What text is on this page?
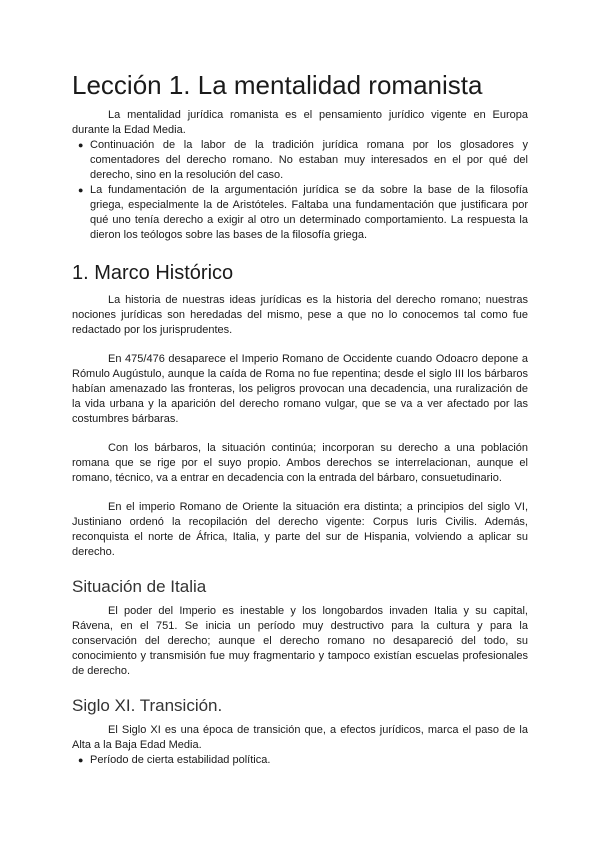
Lección 1. La mentalidad romanista

La mentalidad jurídica romanista es el pensamiento jurídico vigente en Europa durante la Edad Media.

● Continuación de la labor de la tradición jurídica romana por los glosadores y comentadores del derecho romano. No estaban muy interesados en el por qué del derecho, sino en la resolución del caso.
● La fundamentación de la argumentación jurídica se da sobre la base de la filosofía griega, especialmente la de Aristóteles. Faltaba una fundamentación que justificara por qué uno tenía derecho a exigir al otro un determinado comportamiento. La respuesta la dieron los teólogos sobre las bases de la filosofía griega.
1. Marco Histórico

La historia de nuestras ideas jurídicas es la historia del derecho romano; nuestras nociones jurídicas son heredadas del mismo, pese a que no lo conocemos tal como fue redactado por los jurisprudentes.

En 475/476 desaparece el Imperio Romano de Occidente cuando Odoacro depone a Rómulo Augústulo, aunque la caída de Roma no fue repentina; desde el siglo III los bárbaros habían amenazado las fronteras, los peligros provocan una decadencia, una ruralización de la vida urbana y la aparición del derecho romano vulgar, que se va a ver afectado por las costumbres bárbaras.

Con los bárbaros, la situación continúa; incorporan su derecho a una población romana que se rige por el suyo propio. Ambos derechos se interrelacionan, aunque el romano, técnico, va a entrar en decadencia con la entrada del bárbaro, consuetudinario.

En el imperio Romano de Oriente la situación era distinta; a principios del siglo VI, Justiniano ordenó la recopilación del derecho vigente: Corpus Iuris Civilis. Además, reconquista el norte de África, Italia, y parte del sur de Hispania, volviendo a aplicar su derecho.

Situación de Italia

El poder del Imperio es inestable y los longobardos invaden Italia y su capital, Rávena, en el 751. Se inicia un período muy destructivo para la cultura y para la conservación del derecho; aunque el derecho romano no desapareció del todo, su conocimiento y transmisión fue muy fragmentario y tampoco existían escuelas profesionales de derecho.

Siglo XI. Transición.

El Siglo XI es una época de transición que, a efectos jurídicos, marca el paso de la Alta a la Baja Edad Media.

● Período de cierta estabilidad política.
